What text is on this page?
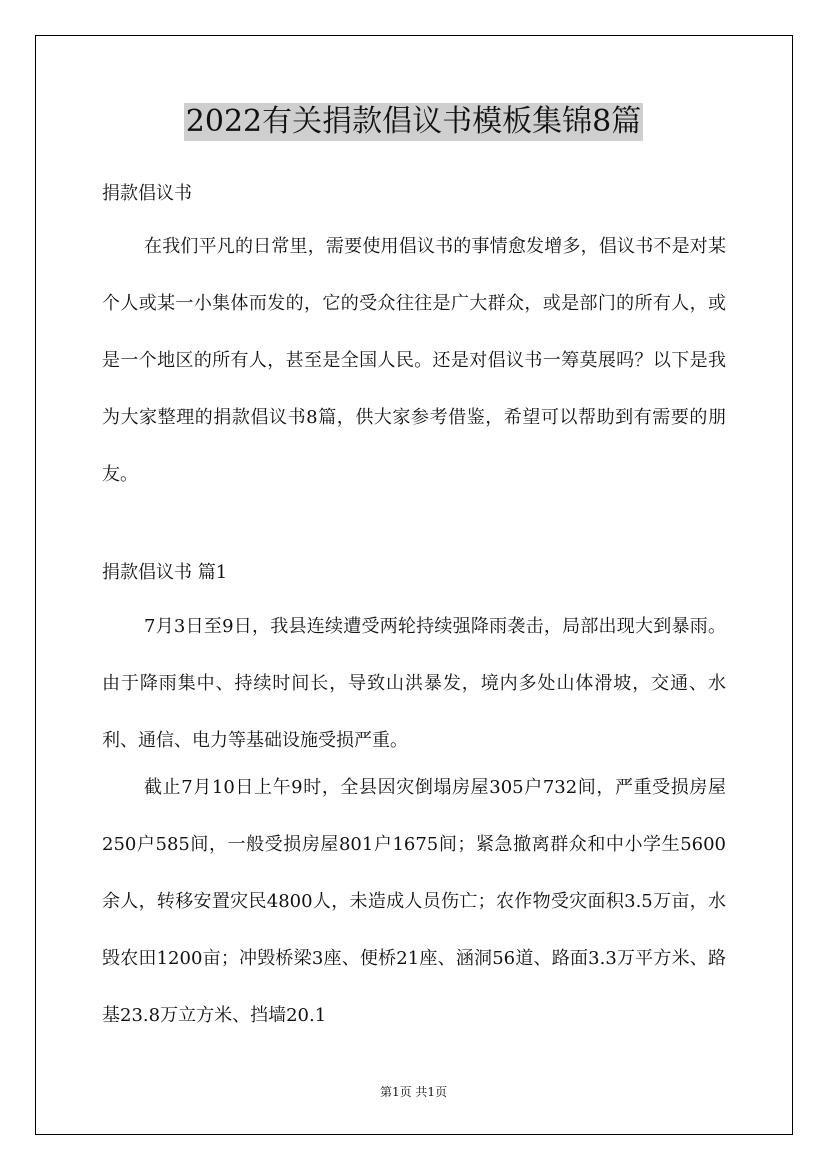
2022有关捐款倡议书模板集锦8篇
捐款倡议书
在我们平凡的日常里，需要使用倡议书的事情愈发增多，倡议书不是对某个人或某一小集体而发的，它的受众往往是广大群众，或是部门的所有人，或是一个地区的所有人，甚至是全国人民。还是对倡议书一筹莫展吗？以下是我为大家整理的捐款倡议书8篇，供大家参考借鉴，希望可以帮助到有需要的朋友。
捐款倡议书 篇1
7月3日至9日，我县连续遭受两轮持续强降雨袭击，局部出现大到暴雨。由于降雨集中、持续时间长，导致山洪暴发，境内多处山体滑坡，交通、水利、通信、电力等基础设施受损严重。
截止7月10日上午9时，全县因灾倒塌房屋305户732间，严重受损房屋250户585间，一般受损房屋801户1675间；紧急撤离群众和中小学生5600余人，转移安置灾民4800人，未造成人员伤亡；农作物受灾面积3.5万亩，水毁农田1200亩；冲毁桥梁3座、便桥21座、涵洞56道、路面3.3万平方米、路基23.8万立方米、挡墙20.1
第1页 共1页
